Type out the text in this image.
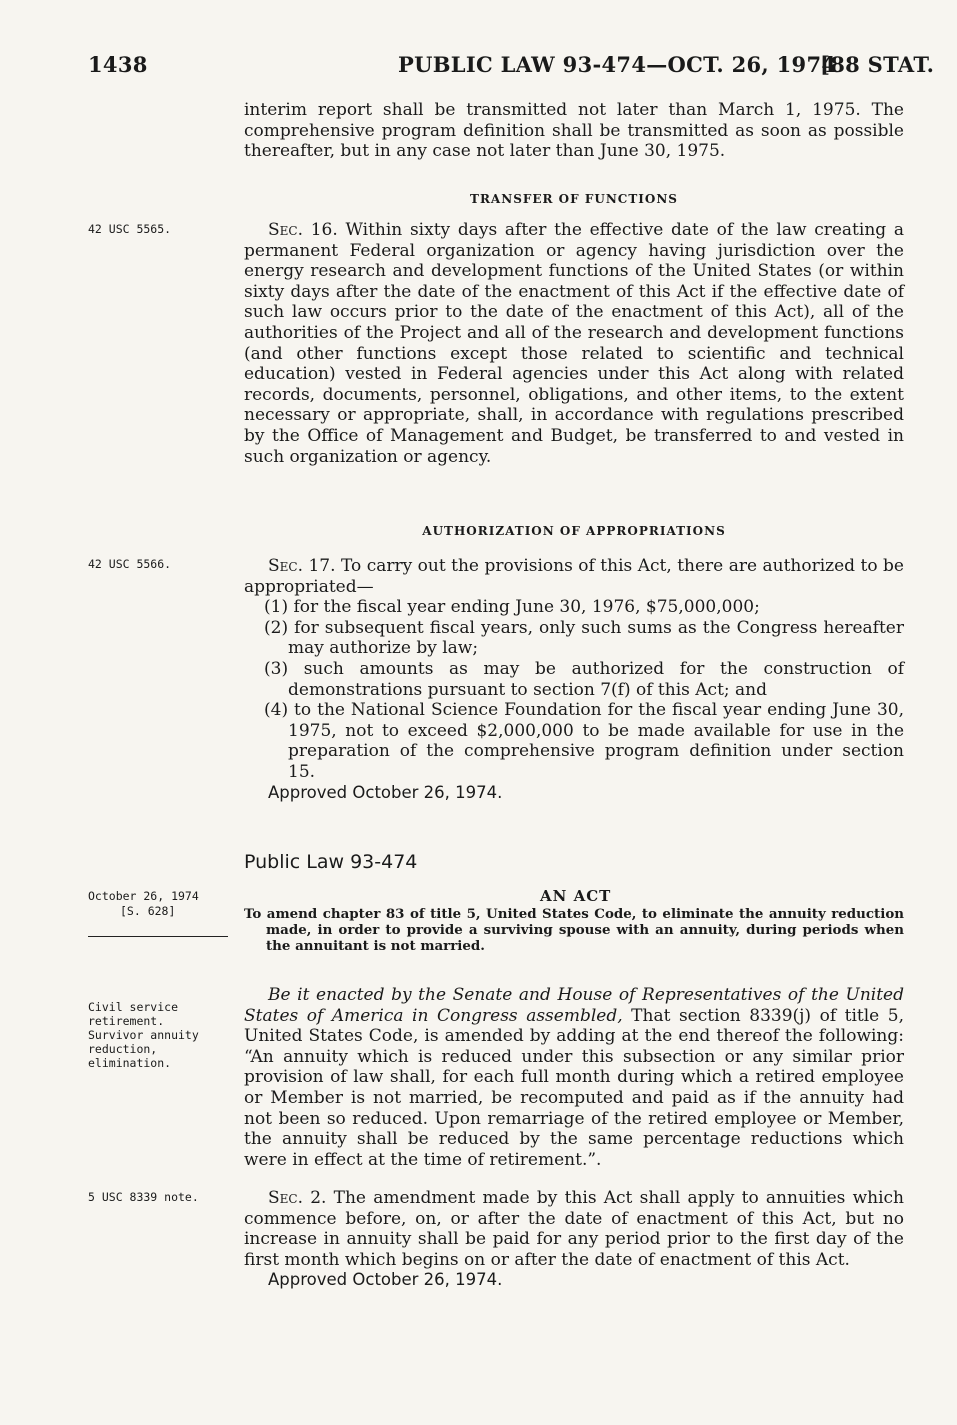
1438	PUBLIC LAW 93-474—OCT. 26, 1974
[88 STAT.

interim report shall be transmitted not later than March 1, 1975. The comprehensive program definition shall be transmitted as soon as possible thereafter, but in any case not later than June 30, 1975.

TRANSFER OF FUNCTIONS
42 USC 5565.	Sec. 16. Within sixty days after the effective date of the law creating a permanent Federal organization or agency having jurisdiction over the energy research and development functions of the United States (or within sixty days after the date of the enactment of this Act if the effective date of such law occurs prior to the date of the enactment of this Act), all of the authorities of the Project and all of the research and development functions (and other functions except those related to scientific and technical education) vested in Federal agencies under this Act along with related records, documents, personnel, obligations, and other items, to the extent necessary or appropriate, shall, in accordance with regulations prescribed by the Office of Management and Budget, be transferred to and vested in such organization or agency.

AUTHORIZATION OF APPROPRIATIONS
42 USC 5566.	Sec. 17. To carry out the provisions of this Act, there are authorized to be appropriated—

(1) for the fiscal year ending June 30, 1976, $75,000,000;

(2) for subsequent fiscal years, only such sums as the Congress hereafter may authorize by law;

(3) such amounts as may be authorized for the construction of demonstrations pursuant to section 7(f) of this Act; and

(4) to the National Science Foundation for the fiscal year ending June 30, 1975, not to exceed $2,000,000 to be made available for use in the preparation of the comprehensive program definition under section 15.

Approved October 26, 1974.

Public Law 93-474
October 26, 1974
[S. 628]
AN ACT

To amend chapter 83 of title 5, United States Code, to eliminate the annuity reduction made, in order to provide a surviving spouse with an annuity, during periods when the annuitant is not married.

Civil service retirement.
Survivor annuity reduction, elimination.

Be it enacted by the Senate and House of Representatives of the United States of America in Congress assembled, That section 8339(j) of title 5, United States Code, is amended by adding at the end thereof the following: “An annuity which is reduced under this subsection or any similar prior provision of law shall, for each full month during which a retired employee or Member is not married, be recomputed and paid as if the annuity had not been so reduced. Upon remarriage of the retired employee or Member, the annuity shall be reduced by the same percentage reductions which were in effect at the time of retirement.”.

5 USC 8339 note.	Sec. 2. The amendment made by this Act shall apply to annuities which commence before, on, or after the date of enactment of this Act, but no increase in annuity shall be paid for any period prior to the first day of the first month which begins on or after the date of enactment of this Act.

Approved October 26, 1974.
